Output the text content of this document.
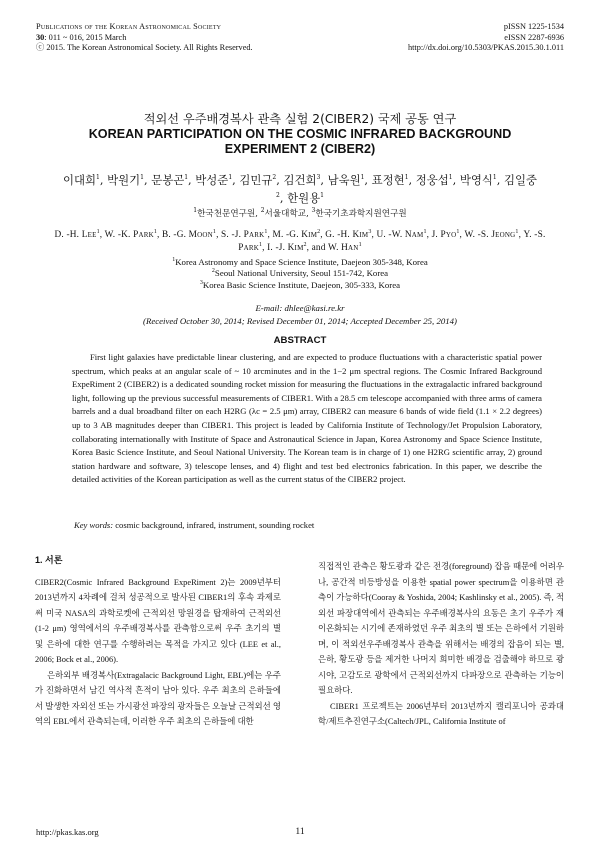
Publications of the Korean Astronomical Society	pISSN 1225-1534
30: 011 ~ 016, 2015 March	eISSN 2287-6936
ⓒ 2015. The Korean Astronomical Society. All Rights Reserved.	http://dx.doi.org/10.5303/PKAS.2015.30.1.011
적외선 우주배경복사 관측 실험 2(CIBER2) 국제 공동 연구
KOREAN PARTICIPATION ON THE COSMIC INFRARED BACKGROUND
EXPERIMENT 2 (CIBER2)
이대희$^1$, 박원기$^1$, 문봉곤$^1$, 박성준$^1$, 김민규$^2$, 김건희$^3$, 남욱원$^1$, 표정현$^1$, 정웅섭$^1$, 박영식$^1$, 김일중$^2$, 한원용$^1$
$^1$한국천문연구원, $^2$서울대학교, $^3$한국기초과학지원연구원
D. -H. Lee$^1$, W. -K. Park$^1$, B. -G. Moon$^1$, S. -J. Park$^1$, M. -G. Kim$^2$, G. -H. Kim$^3$, U. -W. Nam$^1$, J. Pyo$^1$, W. -S. Jeong$^1$, Y. -S. Park$^1$, I. -J. Kim$^2$, and W. Han$^1$
$^1$Korea Astronomy and Space Science Institute, Daejeon 305-348, Korea
$^2$Seoul National University, Seoul 151-742, Korea
$^3$Korea Basic Science Institute, Daejeon, 305-333, Korea
E-mail: dhlee@kasi.re.kr
(Received October 30, 2014; Revised December 01, 2014; Accepted December 25, 2014)
ABSTRACT

First light galaxies have predictable linear clustering, and are expected to produce fluctuations with a characteristic spatial power spectrum, which peaks at an angular scale of ~ 10 arcminutes and in the 1−2 μm spectral regions. The Cosmic Infrared Background ExpeRiment 2 (CIBER2) is a dedicated sounding rocket mission for measuring the fluctuations in the extragalactic infrared background light, following up the previous successful measurements of CIBER1. With a 28.5 cm telescope accompanied with three arms of camera barrels and a dual broadband filter on each H2RG (λc = 2.5 μm) array, CIBER2 can measure 6 bands of wide field (1.1 × 2.2 degrees) up to 3 AB magnitudes deeper than CIBER1. This project is leaded by California Institute of Technology/Jet Propulsion Laboratory, collaborating internationally with Institute of Space and Astronautical Science in Japan, Korea Astronomy and Space Science Institute, Korea Basic Science Institute, and Seoul National University. The Korean team is in charge of 1) one H2RG scientific array, 2) ground station hardware and software, 3) telescope lenses, and 4) flight and test bed electronics fabrication. In this paper, we describe the detailed activities of the Korean participation as well as the current status of the CIBER2 project.

Key words: cosmic background, infrared, instrument, sounding rocket
1. 서론

CIBER2(Cosmic Infrared Background ExpeRiment 2)는 2009년부터 2013년까지 4차례에 걸쳐 성공적으로 발사된 CIBER1의 후속 과제로써 미국 NASA의 과학로켓에 근적외선 망원경을 탑재하여 근적외선(1-2 μm) 영역에서의 우주배경복사를 관측함으로써 우주 초기의 별 및 은하에 대한 연구를 수행하려는 목적을 가지고 있다 (LEE et al., 2006; Bock et al., 2006).

은하외부 배경복사(Extragalacic Background Light, EBL)에는 우주가 진화하면서 남긴 역사적 흔적이 남아 있다. 우주 최초의 은하들에서 발생한 자외선 또는 가시광선 파장의 광자들은 오늘날 근적외선 영역의 EBL에서 관측되는데, 이러한 우주 최초의 은하들에 대한

직접적인 관측은 황도광과 같은 전경(foreground) 잡음 때문에 어려우나, 공간적 비등방성을 이용한 spatial power spectrum을 이용하면 관측이 가능하다(Cooray & Yoshida, 2004; Kashlinsky et al., 2005). 즉, 적외선 파장대역에서 관측되는 우주배경복사의 요동은 초기 우주가 재이온화되는 시기에 존재하였던 우주 최초의 별 또는 은하에서 기원하며, 이 적외선우주배경복사 관측을 위해서는 배경의 잡음이 되는 별, 은하, 황도광 등을 제거한 나머지 희미한 배경을 검출해야 하므로 광시야, 고감도로 광학에서 근적외선까지 다파장으로 관측하는 기능이 필요하다.

CIBER1 프로젝트는 2006년부터 2013년까지 캘리포니아 공과대학/제트추진연구소(Caltech/JPL, California Institute of

http://pkas.kas.org	11
